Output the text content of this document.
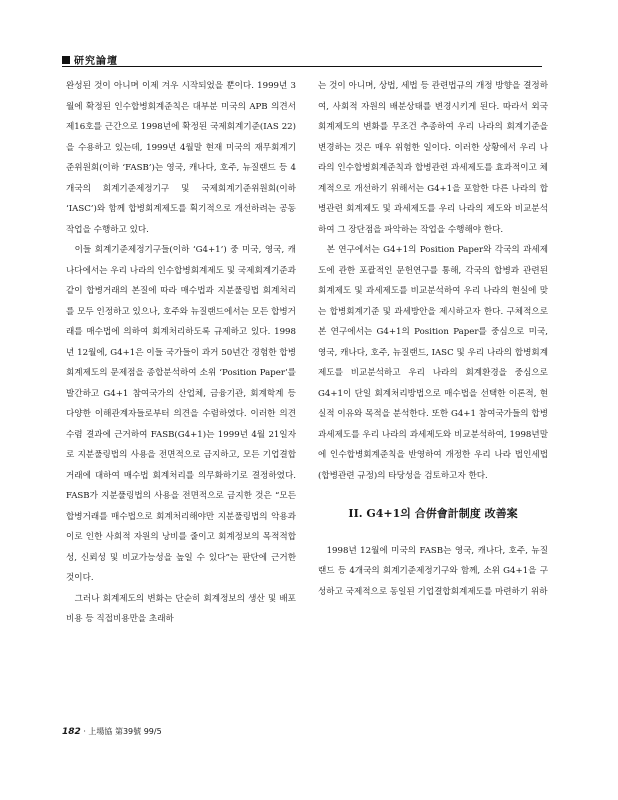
研究論壇

완성된 것이 아니며 이제 겨우 시작되었을 뿐이다. 1999년 3월에 확정된 인수합병회계준칙은 대부분 미국의 APB 의견서 제16호를 근간으로 1998년에 확정된 국제회계기준(IAS 22)을 수용하고 있는데, 1999년 4월말 현재 미국의 재무회계기준위원회(이하 ‘FASB’)는 영국, 캐나다, 호주, 뉴질랜드 등 4개국의 회계기준제정기구 및 국제회계기준위원회(이하 ‘IASC’)와 함께 합병회계제도를 획기적으로 개선하려는 공동작업을 수행하고 있다.

이들 회계기준제정기구들(이하 ‘G4+1’) 중 미국, 영국, 캐나다에서는 우리 나라의 인수합병회계제도 및 국제회계기준과 같이 합병거래의 본질에 따라 매수법과 지분풀링법 회계처리를 모두 인정하고 있으나, 호주와 뉴질랜드에서는 모든 합병거래를 매수법에 의하여 회계처리하도록 규제하고 있다. 1998년 12월에, G4+1은 이들 국가들이 과거 50년간 경험한 합병회계제도의 문제점을 종합분석하여 소위 ‘Position Paper’를 발간하고 G4+1 참여국가의 산업체, 금융기관, 회계학계 등 다양한 이해관계자들로부터 의견을 수렴하였다. 이러한 의견수렴 결과에 근거하여 FASB(G4+1)는 1999년 4월 21일자로 지분풀링법의 사용을 전면적으로 금지하고, 모든 기업결합거래에 대하여 매수법 회계처리를 의무화하기로 결정하였다. FASB가 지분풀링법의 사용을 전면적으로 금지한 것은 “모든 합병거래를 매수법으로 회계처리해야만 지분풀링법의 악용과 이로 인한 사회적 자원의 낭비를 줄이고 회계정보의 목적적합성, 신뢰성 및 비교가능성을 높일 수 있다”는 판단에 근거한 것이다.

그러나 회계제도의 변화는 단순히 회계정보의 생산 및 배포비용 등 직접비용만을 초래하

는 것이 아니며, 상법, 세법 등 관련법규의 개정 방향을 결정하여, 사회적 자원의 배분상태를 변경시키게 된다. 따라서 외국 회계제도의 변화를 무조건 추종하여 우리 나라의 회계기준을 변경하는 것은 매우 위험한 일이다. 이러한 상황에서 우리 나라의 인수합병회계준칙과 합병관련 과세제도를 효과적이고 체계적으로 개선하기 위해서는 G4+1을 포함한 다른 나라의 합병관련 회계제도 및 과세제도를 우리 나라의 제도와 비교분석하여 그 장단점을 파악하는 작업을 수행해야 한다.

본 연구에서는 G4+1의 Position Paper와 각국의 과세제도에 관한 포괄적인 문헌연구를 통해, 각국의 합병과 관련된 회계제도 및 과세제도를 비교분석하여 우리 나라의 현실에 맞는 합병회계기준 및 과세방안을 제시하고자 한다. 구체적으로 본 연구에서는 G4+1의 Position Paper를 중심으로 미국, 영국, 캐나다, 호주, 뉴질랜드, IASC 및 우리 나라의 합병회계제도를 비교분석하고 우리 나라의 회계환경을 중심으로 G4+1이 단일 회계처리방법으로 매수법을 선택한 이론적, 현실적 이유와 목적을 분석한다. 또한 G4+1 참여국가들의 합병과세제도를 우리 나라의 과세제도와 비교분석하여, 1998년말에 인수합병회계준칙을 반영하여 개정한 우리 나라 법인세법(합병관련 규정)의 타당성을 검토하고자 한다.

II. G4+1의 合倂會計制度 改善案

1998년 12월에 미국의 FASB는 영국, 캐나다, 호주, 뉴질랜드 등 4개국의 회계기준제정기구와 함께, 소위 G4+1을 구성하고 국제적으로 동일된 기업결합회계제도를 마련하기 위하

182 · 上場協 第39號 99/5
